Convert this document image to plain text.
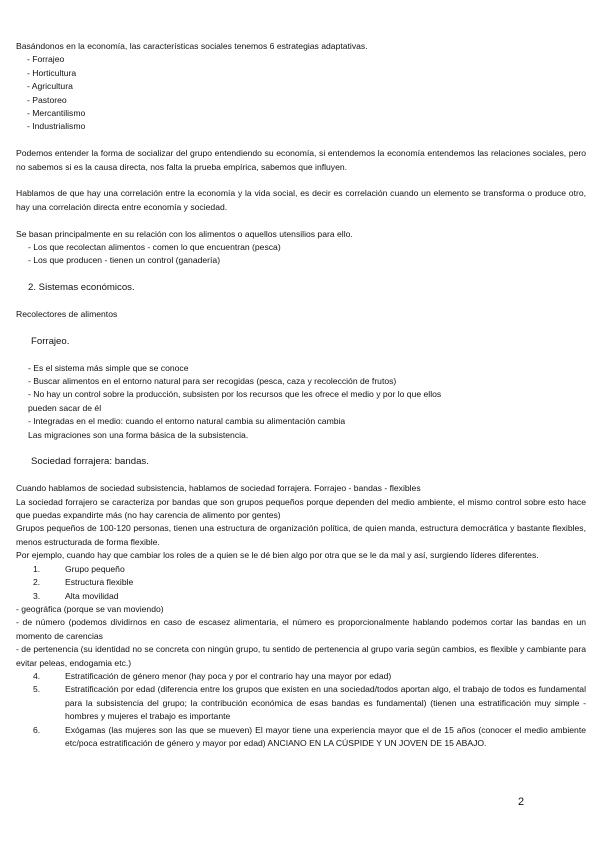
Basándonos en la economía, las características sociales tenemos 6 estrategias adaptativas.

- Forrajeo

- Horticultura

- Agricultura

- Pastoreo

- Mercantilismo

- Industrialismo

Podemos entender la forma de socializar del grupo entendiendo su economía, si entendemos la economía entendemos las relaciones sociales, pero no sabemos si es la causa directa, nos falta la prueba empírica, sabemos que influyen.

Hablamos de que hay una correlación entre la economía y la vida social, es decir es correlación cuando un elemento se transforma o produce otro, hay una correlación directa entre economía y sociedad.

Se basan principalmente en su relación con los alimentos o aquellos utensilios para ello.

- Los que recolectan alimentos - comen lo que encuentran (pesca)

- Los que producen - tienen un control (ganadería)

2. Sistemas económicos.

Recolectores de alimentos

Forrajeo.

- Es el sistema más simple que se conoce

- Buscar alimentos en el entorno natural para ser recogidas (pesca, caza y recolección de frutos)

- No hay un control sobre la producción, subsisten por los recursos que les ofrece el medio y por lo que ellos

pueden sacar de él

- Integradas en el medio: cuando el entorno natural cambia su alimentación cambia

Las migraciones son una forma básica de la subsistencia.

Sociedad forrajera: bandas.

Cuando hablamos de sociedad subsistencia, hablamos de sociedad forrajera. Forrajeo - bandas - flexibles

La sociedad forrajero se caracteriza por bandas que son grupos pequeños porque dependen del medio ambiente, el mismo control sobre esto hace que puedas expandirte más (no hay carencia de alimento por gentes)

Grupos pequeños de 100-120 personas, tienen una estructura de organización política, de quien manda, estructura democrática y bastante flexibles, menos estructurada de forma flexible.

Por ejemplo, cuando hay que cambiar los roles de a quien se le dé bien algo por otra que se le da mal y así, surgiendo líderes diferentes.

1.	Grupo pequeño
2.	Estructura flexible
3.	Alta movilidad

- geográfica (porque se van moviendo)

- de número (podemos dividirnos en caso de escasez alimentaria, el número es proporcionalmente hablando podemos cortar las bandas en un momento de carencias

- de pertenencia (su identidad no se concreta con ningún grupo, tu sentido de pertenencia al grupo varia según cambios, es flexible y cambiante para evitar peleas, endogamia etc.)

4.	Estratificación de género menor (hay poca y por el contrario hay una mayor por edad)
5.	Estratificación por edad (diferencia entre los grupos que existen en una sociedad/todos aportan algo, el trabajo de todos es fundamental para la subsistencia del grupo; la contribución económica de esas bandas es fundamental) (tienen una estratificación muy simple - hombres y mujeres el trabajo es importante
6.	Exógamas (las mujeres son las que se mueven) El mayor tiene una experiencia mayor que el de 15 años (conocer el medio ambiente etc/poca estratificación de género y mayor por edad) ANCIANO EN LA CÚSPIDE Y UN JOVEN DE 15 ABAJO.
2
